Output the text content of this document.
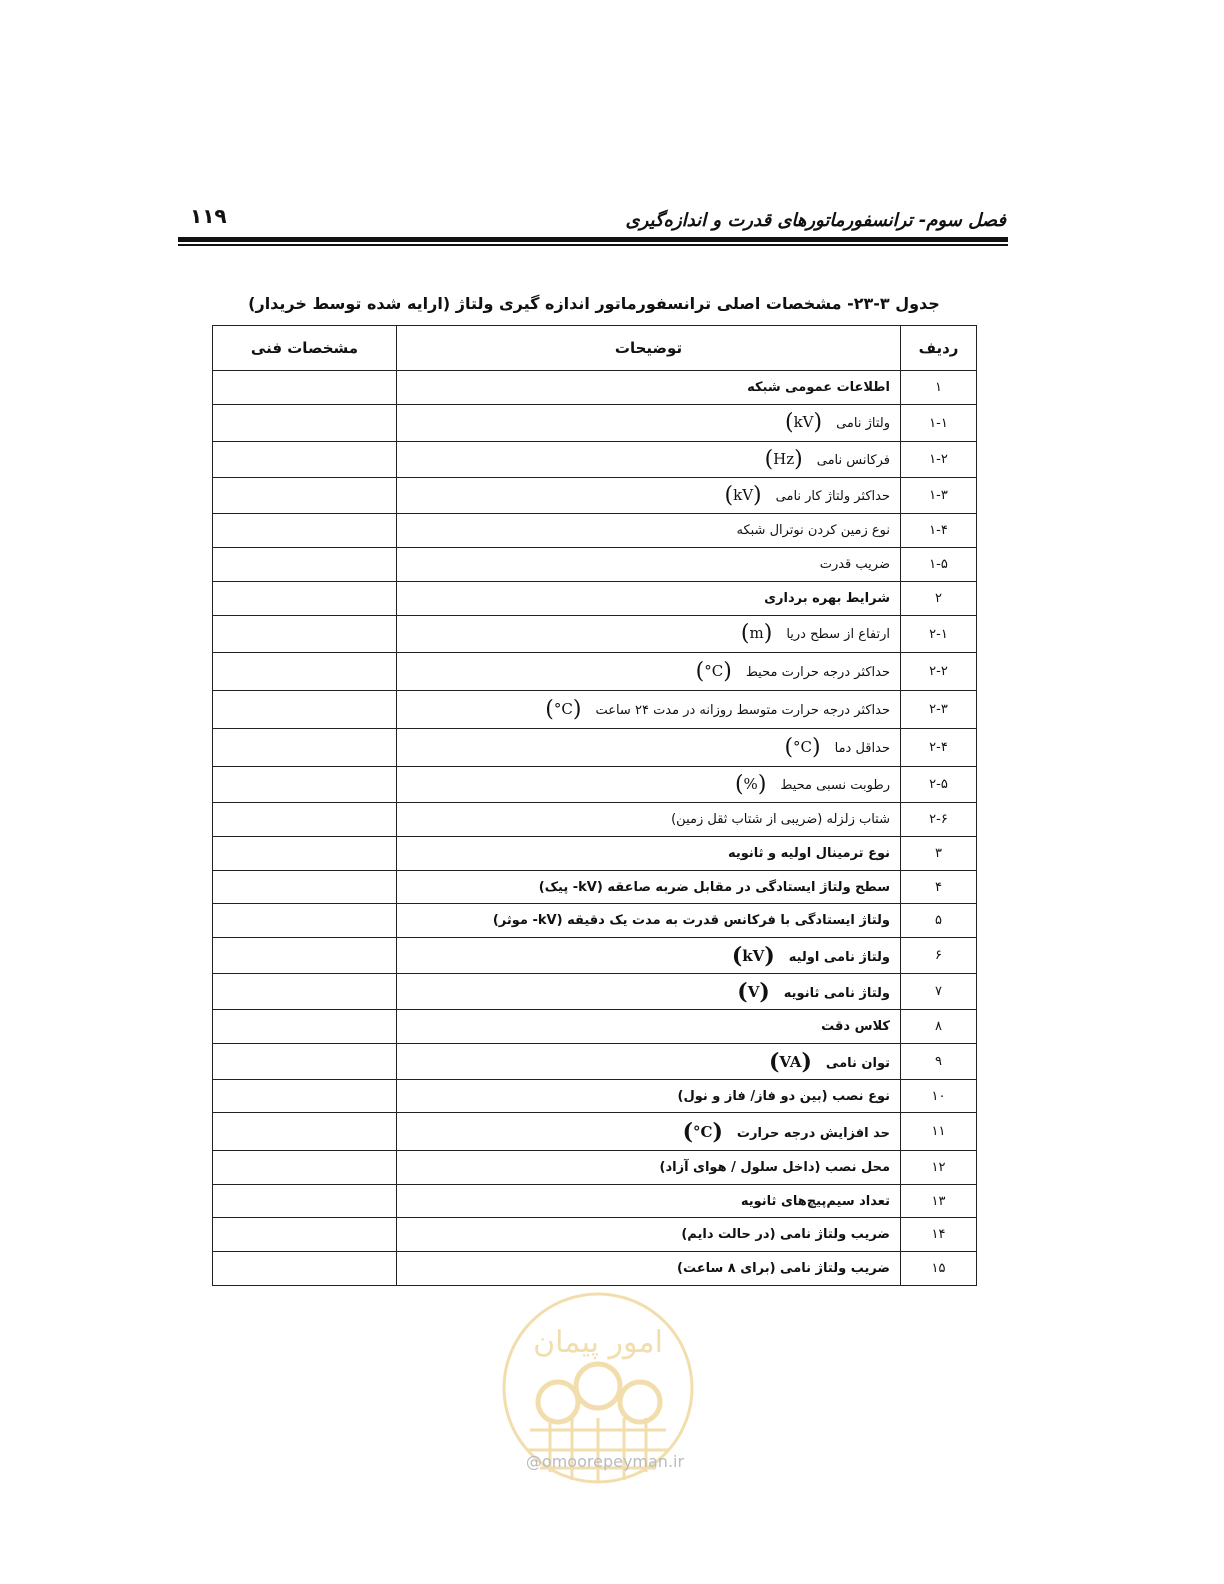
۱۱۹	فصل سوم- ترانسفورماتورهای قدرت و اندازه‌گیری
جدول ۳-۲۳- مشخصات اصلی ترانسفورماتور اندازه گیری ولتاژ (ارایه شده توسط خریدار)
ردیف	توضیحات	مشخصات فنی
۱	اطلاعات عمومی شبکه	
۱-۱	ولتاژ نامی(kV)	
۱-۲	فرکانس نامی(Hz)	
۱-۳	حداکثر ولتاژ کار نامی(kV)	
۱-۴	نوع زمین کردن نوترال شبکه	
۱-۵	ضریب قدرت	
۲	شرایط بهره برداری	
۲-۱	ارتفاع از سطح دریا(m)	
۲-۲	حداکثر درجه حرارت محیط(°C)	
۲-۳	حداکثر درجه حرارت متوسط روزانه در مدت ۲۴ ساعت(°C)	
۲-۴	حداقل دما(°C)	
۲-۵	رطوبت نسبی محیط(%)	
۲-۶	شتاب زلزله (ضریبی از شتاب ثقل زمین)	
۳	نوع ترمینال اولیه و ثانویه	
۴	سطح ولتاژ ایستادگی در مقابل ضربه صاعقه (kV- پیک)	
۵	ولتاژ ایستادگی با فرکانس قدرت به مدت یک دقیقه (kV- موثر)	
۶	ولتاژ نامی اولیه(kV)	
۷	ولتاژ نامی ثانویه(V)	
۸	کلاس دقت	
۹	توان نامی(VA)	
۱۰	نوع نصب (بین دو فاز/ فاز و نول)	
۱۱	حد افزایش درجه حرارت(°C)	
۱۲	محل نصب (داخل سلول / هوای آزاد)	
۱۳	تعداد سیم‌پیچ‌های ثانویه	
۱۴	ضریب ولتاژ نامی (در حالت دایم)	
۱۵	ضریب ولتاژ نامی (برای ۸ ساعت)	
امور پیمان
@omoorepeyman.ir
